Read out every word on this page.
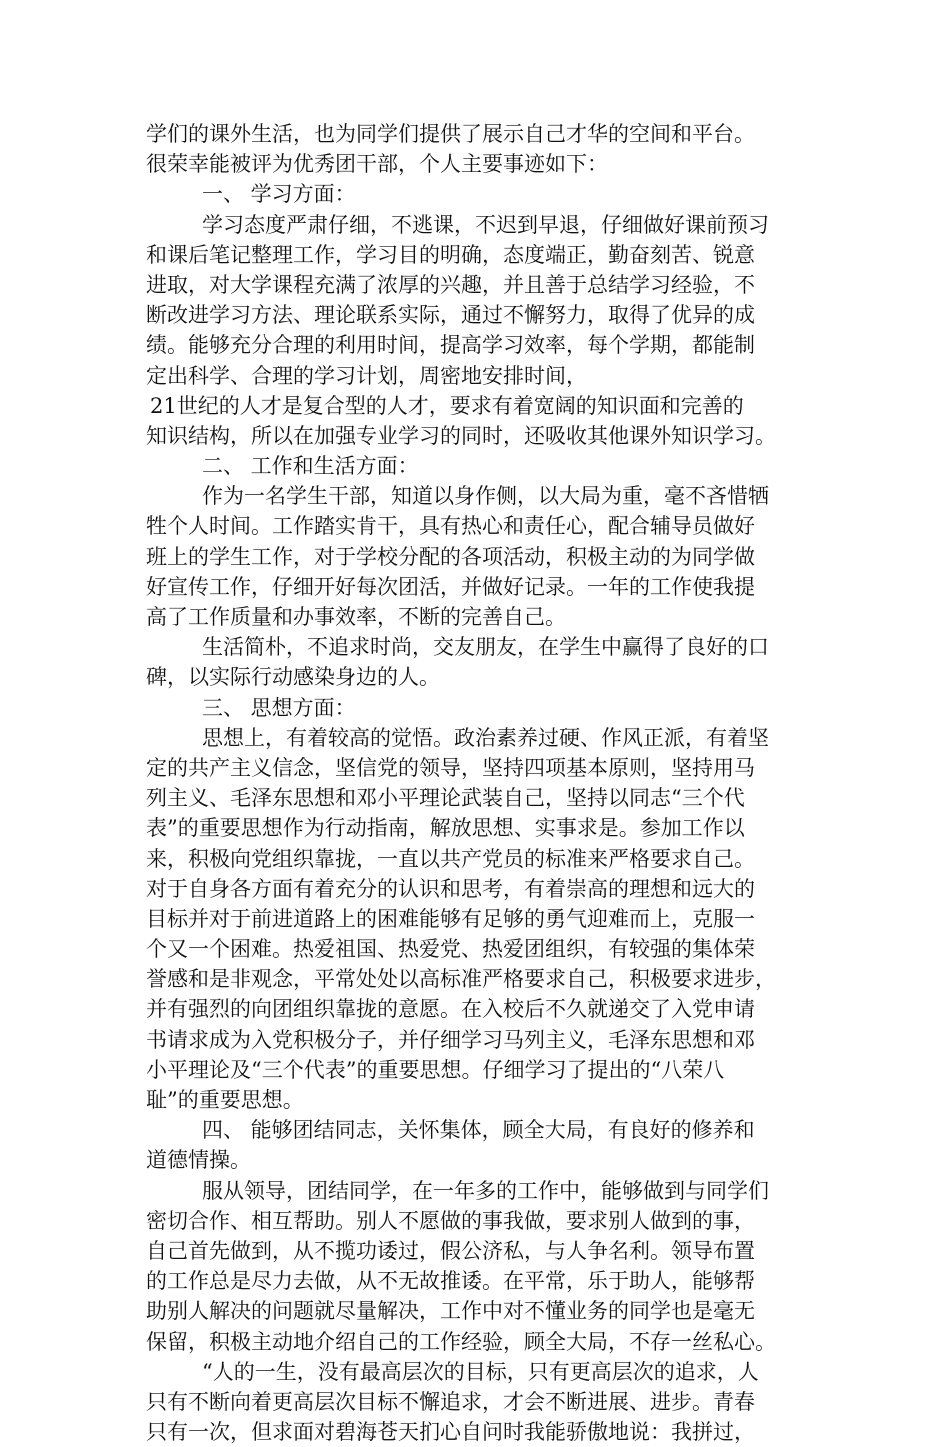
学们的课外生活，也为同学们提供了展示自己才华的空间和平台。
很荣幸能被评为优秀团干部，个人主要事迹如下：
一、 学习方面：
学习态度严肃仔细，不逃课，不迟到早退，仔细做好课前预习
和课后笔记整理工作，学习目的明确，态度端正，勤奋刻苦、锐意
进取，对大学课程充满了浓厚的兴趣，并且善于总结学习经验，不
断改进学习方法、理论联系实际，通过不懈努力，取得了优异的成
绩。能够充分合理的利用时间，提高学习效率，每个学期，都能制
定出科学、合理的学习计划，周密地安排时间，
21世纪的人才是复合型的人才，要求有着宽阔的知识面和完善的
知识结构，所以在加强专业学习的同时，还吸收其他课外知识学习。
二、 工作和生活方面：
作为一名学生干部，知道以身作侧，以大局为重，毫不吝惜牺
牲个人时间。工作踏实肯干，具有热心和责任心，配合辅导员做好
班上的学生工作，对于学校分配的各项活动，积极主动的为同学做
好宣传工作，仔细开好每次团活，并做好记录。一年的工作使我提
高了工作质量和办事效率，不断的完善自己。
生活简朴，不追求时尚，交友朋友，在学生中赢得了良好的口
碑，以实际行动感染身边的人。
三、 思想方面：
思想上，有着较高的觉悟。政治素养过硬、作风正派，有着坚
定的共产主义信念，坚信党的领导，坚持四项基本原则，坚持用马
列主义、毛泽东思想和邓小平理论武装自己，坚持以同志“三个代
表”的重要思想作为行动指南，解放思想、实事求是。参加工作以
来，积极向党组织靠拢，一直以共产党员的标准来严格要求自己。
对于自身各方面有着充分的认识和思考，有着崇高的理想和远大的
目标并对于前进道路上的困难能够有足够的勇气迎难而上，克服一
个又一个困难。热爱祖国、热爱党、热爱团组织，有较强的集体荣
誉感和是非观念，平常处处以高标准严格要求自己，积极要求进步，
并有强烈的向团组织靠拢的意愿。在入校后不久就递交了入党申请
书请求成为入党积极分子，并仔细学习马列主义，毛泽东思想和邓
小平理论及“三个代表”的重要思想。仔细学习了提出的“八荣八
耻”的重要思想。
四、 能够团结同志，关怀集体，顾全大局，有良好的修养和
道德情操。
服从领导，团结同学，在一年多的工作中，能够做到与同学们
密切合作、相互帮助。别人不愿做的事我做，要求别人做到的事，
自己首先做到，从不揽功诿过，假公济私，与人争名利。领导布置
的工作总是尽力去做，从不无故推诿。在平常，乐于助人，能够帮
助别人解决的问题就尽量解决，工作中对不懂业务的同学也是毫无
保留，积极主动地介绍自己的工作经验，顾全大局，不存一丝私心。
“人的一生，没有最高层次的目标，只有更高层次的追求，人
只有不断向着更高层次目标不懈追求，才会不断进展、进步。青春
只有一次，但求面对碧海苍天扪心自问时我能骄傲地说：我拼过，
